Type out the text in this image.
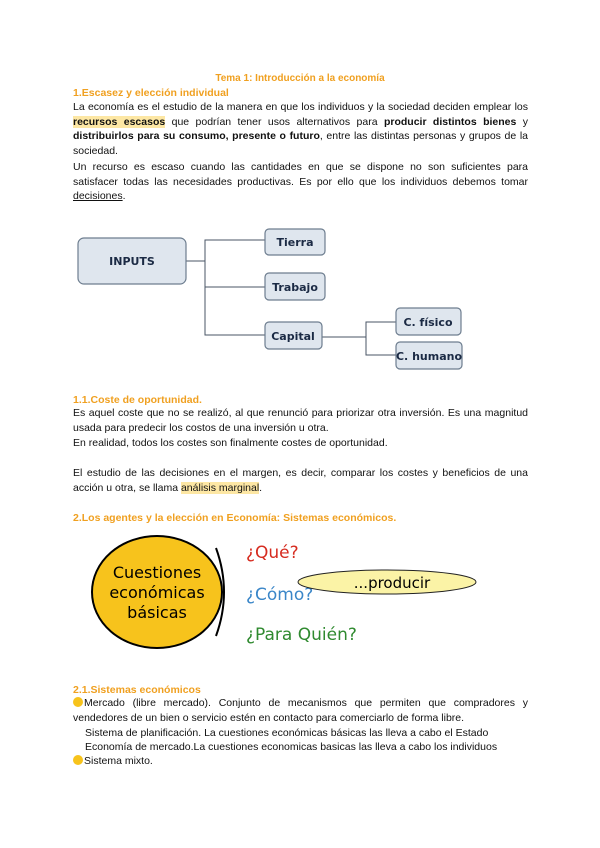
Tema 1: Introducción a la economía
1.Escasez y elección individual
La economía es el estudio de la manera en que los individuos y la sociedad deciden emplear los recursos escasos que podrían tener usos alternativos para producir distintos bienes y distribuirlos para su consumo, presente o futuro, entre las distintas personas y grupos de la sociedad.
Un recurso es escaso cuando las cantidades en que se dispone no son suficientes para satisfacer todas las necesidades productivas. Es por ello que los individuos debemos tomar decisiones.
INPUTS
Tierra
Trabajo
Capital
C. físico
C. humano
1.1.Coste de oportunidad.
Es aquel coste que no se realizó, al que renunció para priorizar otra inversión. Es una magnitud usada para predecir los costos de una inversión u otra.
En realidad, todos los costes son finalmente costes de oportunidad.
El estudio de las decisiones en el margen, es decir, comparar los costes y beneficios de una acción u otra, se llama análisis marginal.
2.Los agentes y la elección en Economía: Sistemas económicos.
Cuestiones
económicas
básicas
¿Qué?
¿Cómo?
¿Para Quién?
...producir
2.1.Sistemas económicos
Mercado (libre mercado). Conjunto de mecanismos que permiten que compradores y vendedores de un bien o servicio estén en contacto para comerciarlo de forma libre.
Sistema de planificación. La cuestiones económicas básicas las lleva a cabo el Estado
Economía de mercado.La cuestiones economicas basicas las lleva a cabo los individuos
Sistema mixto.
